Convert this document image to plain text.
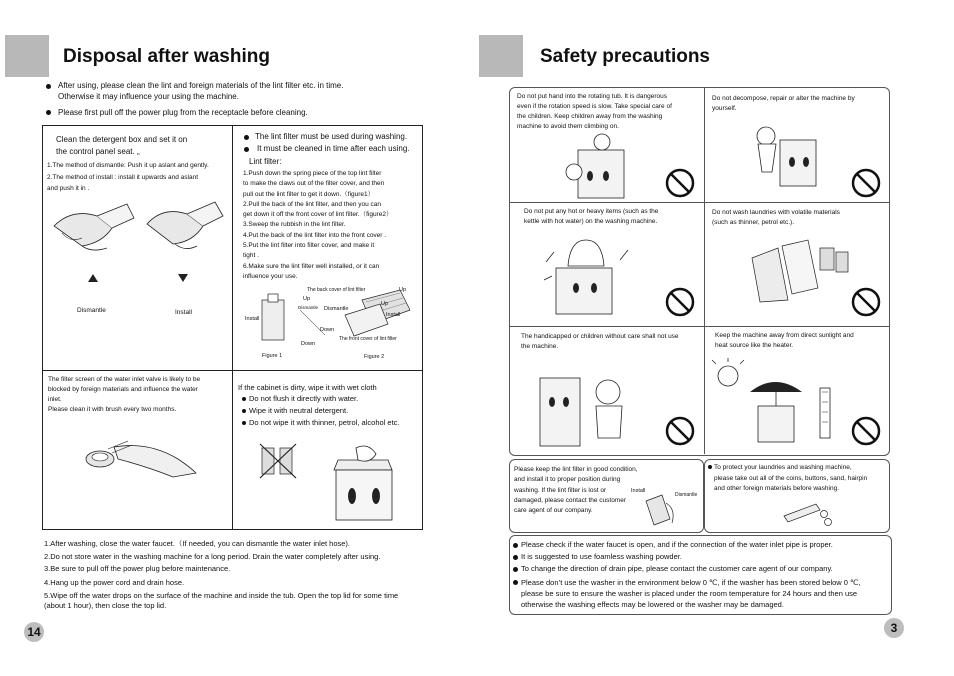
Disposal after washing
After using, please clean the lint and foreign materials of the lint filter etc. in time.
Otherwise it may influence your using the machine.
Please first pull off the power plug from the receptacle before cleaning.
Clean the detergent box and set it on
the control panel seat. „
1.The method of dismantle: Push it up aslant and gently.
2.The method of install : install it upwards and aslant
and push it in .
Dismantle	Install
The lint filter must be used during washing.
It must be cleaned in time after each using.
Lint filter:
1.Push down the spring piece of the top lint filter
to make the claws out of the filter cover, and then
pull out the lint filter to get it down.（figure1）
2.Pull the back of the lint filter, and then you can
get down it off the front cover of lint filter.（figure2）
3.Sweep the rubbish in the lint filter.
4.Put the back of the lint filter into the front cover .
5.Put the lint filter into filter cover, and make it
tight .
6.Make sure the lint filter well installed, or it can
influence your use.
The back cover of lint filter
Up
Up
Dismantle Dismantle
Install
Install
Up
Down
Down
The front cover of lint filter
Figure 1	Figure 2
The filter screen of the water inlet valve is likely to be
blocked by foreign materials and influence the water
inlet.
Please clean it with brush every two months.
If the cabinet is dirty, wipe it with wet cloth
Do not flush it directly with water.
Wipe it with neutral detergent.
Do not wipe it with thinner, petrol, alcohol etc.
1.After washing, close the water faucet.（If needed, you can dismantle the water inlet hose).
2.Do not store water in the washing machine for a long period. Drain the water completely after using.
3.Be sure to pull off the power plug before maintenance.
4.Hang up the power cord and drain hose.
5.Wipe off the water drops on the surface of the machine and inside the tub. Open the top lid for some time
(about 1 hour), then close the top lid.
14
Safety precautions
Do not put hand into the rotating tub. It is dangerous
even if the rotation speed is slow. Take special care of
the children. Keep children away from the washing
machine to avoid them climbing on.
Do not decompose, repair or alter the machine by
yourself.
Do not put any hot or heavy items (such as the
kettle with hot water) on the washing machine.
Do not wash laundries with volatile materials
(such as thinner, petrol etc.).
The handicapped or children without care shall not use
the machine.
Keep the machine away from direct sunlight and
heat source like the heater.
Please keep the lint filter in good condition,
and install it to proper position during
washing. If the lint filter is lost or
damaged, please contact the customer
care agent of our company.
Install
Dismantle
To protect your laundries and washing machine,
please take out all of the coins, buttons, sand, hairpin
and other foreign materials before washing.
Please check if the water faucet is open, and if the connection of the water inlet pipe is proper.
It is suggested to use foamless washing powder.
To change the direction of drain pipe, please contact the customer care agent of our company.
Please don’t use the washer in the environment below 0 ℃, if the washer has been stored below 0 ℃,
please be sure to ensure the washer is placed under the room temperature for 24 hours and then use
otherwise the washing effects may be lowered or the washer may be damaged.
3
